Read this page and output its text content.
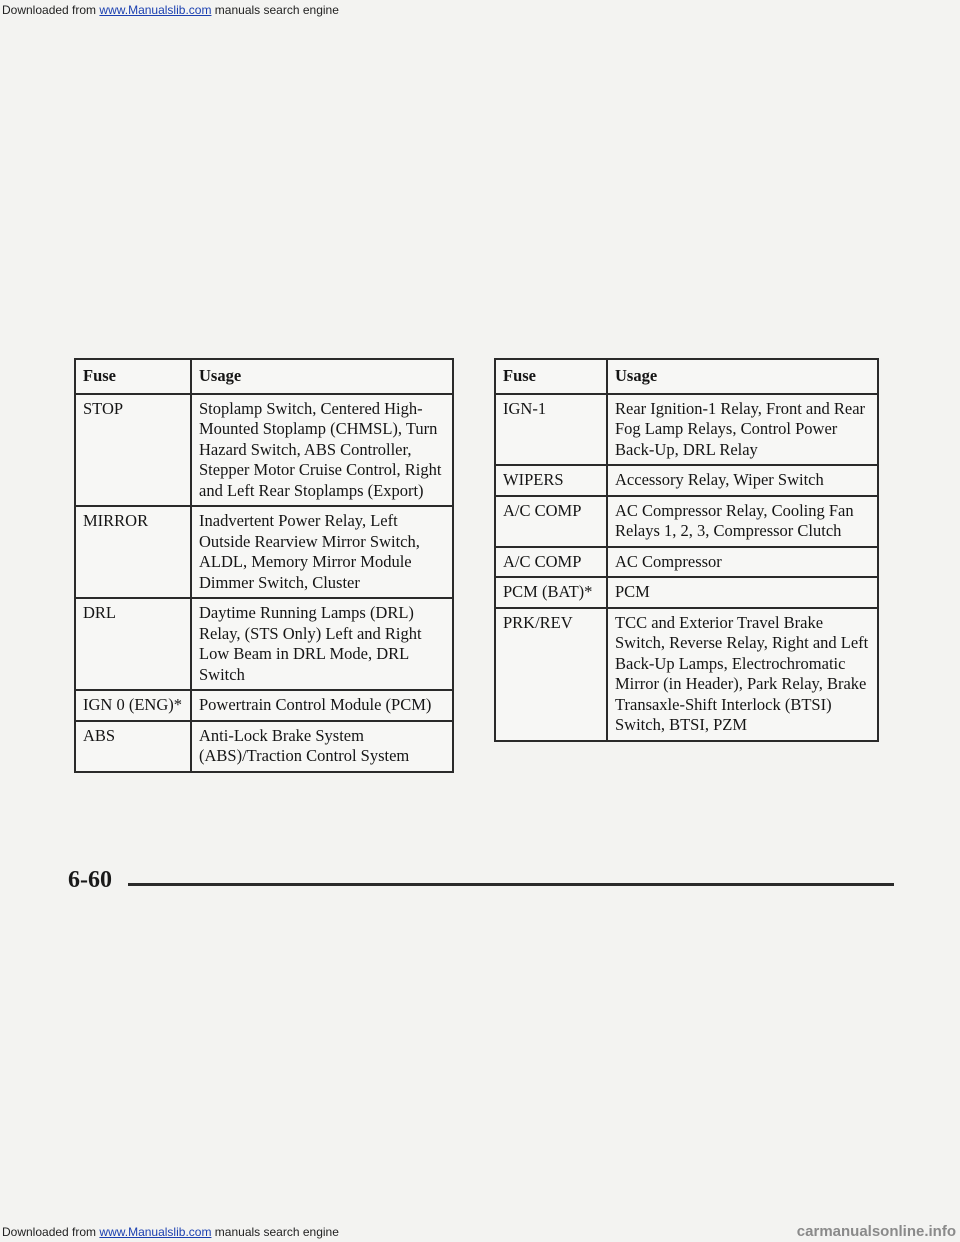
Downloaded from www.Manualslib.com manuals search engine
Fuse	Usage
STOP	Stoplamp Switch, Centered High-Mounted Stoplamp (CHMSL), Turn Hazard Switch, ABS Controller, Stepper Motor Cruise Control, Right and Left Rear Stoplamps (Export)
MIRROR	Inadvertent Power Relay, Left Outside Rearview Mirror Switch, ALDL, Memory Mirror Module Dimmer Switch, Cluster
DRL	Daytime Running Lamps (DRL) Relay, (STS Only) Left and Right Low Beam in DRL Mode, DRL Switch
IGN 0 (ENG)*	Powertrain Control Module (PCM)
ABS	Anti-Lock Brake System (ABS)/Traction Control System
Fuse	Usage
IGN-1	Rear Ignition-1 Relay, Front and Rear Fog Lamp Relays, Control Power Back-Up, DRL Relay
WIPERS	Accessory Relay, Wiper Switch
A/C COMP	AC Compressor Relay, Cooling Fan Relays 1, 2, 3, Compressor Clutch
A/C COMP	AC Compressor
PCM (BAT)*	PCM
PRK/REV	TCC and Exterior Travel Brake Switch, Reverse Relay, Right and Left Back-Up Lamps, Electrochromatic Mirror (in Header), Park Relay, Brake Transaxle-Shift Interlock (BTSI) Switch, BTSI, PZM
6-60
Downloaded from www.Manualslib.com manuals search engine	carmanualsonline.info
